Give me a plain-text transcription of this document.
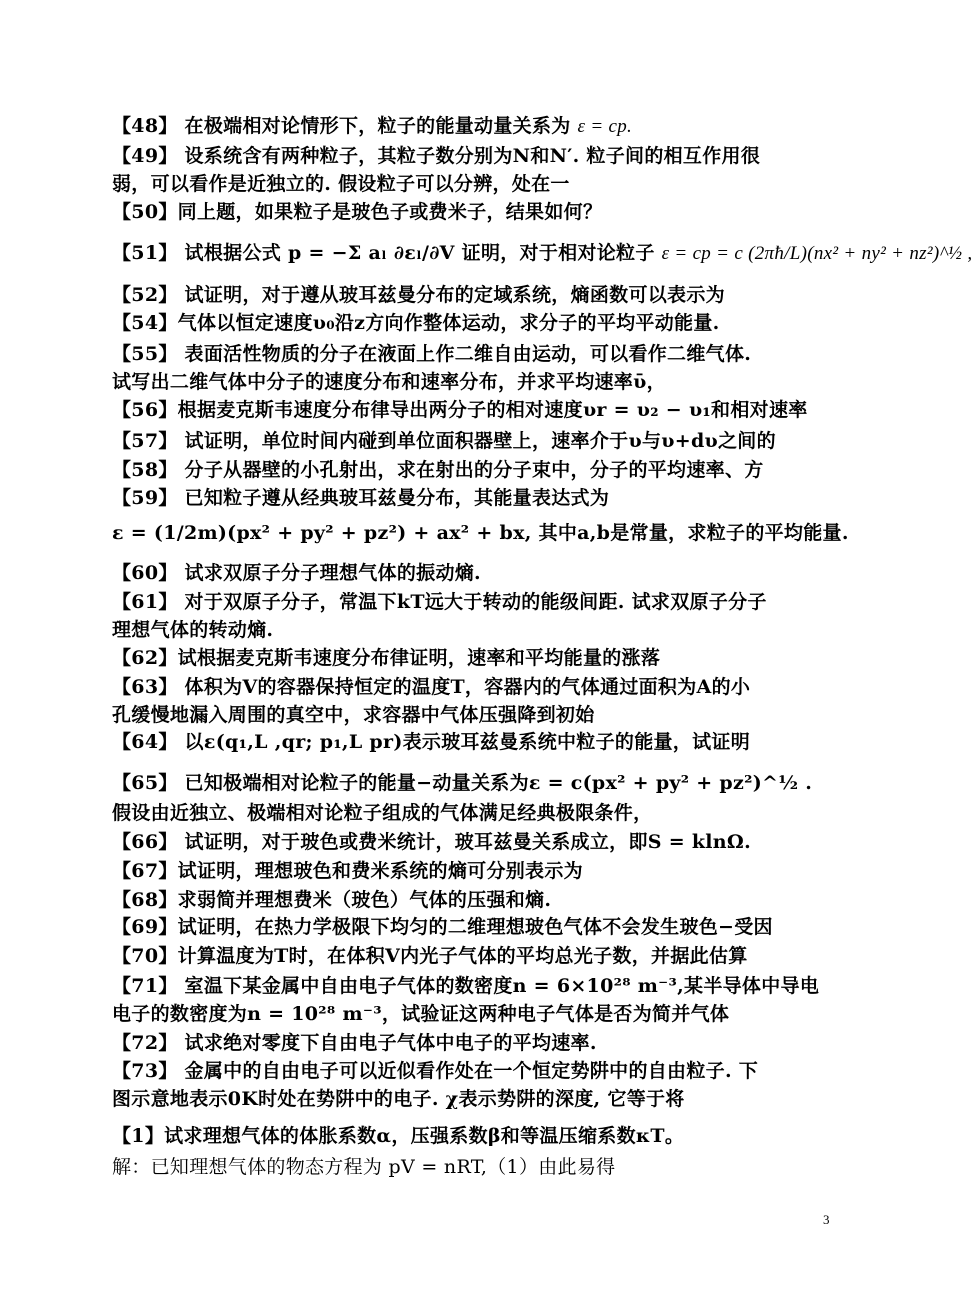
【48】 在极端相对论情形下，粒子的能量动量关系为 ε = cp.
【49】 设系统含有两种粒子，其粒子数分别为N和N′. 粒子间的相互作用很
弱，可以看作是近独立的. 假设粒子可以分辨，处在一
【50】同上题，如果粒子是玻色子或费米子，结果如何？
【51】 试根据公式 p = −Σ aₗ ∂εₗ/∂V 证明，对于相对论粒子 ε = cp = c (2πħ/L)(nx² + ny² + nz²)^½ ,
【52】 试证明，对于遵从玻耳兹曼分布的定域系统，熵函数可以表示为
【54】气体以恒定速度υ₀沿z方向作整体运动，求分子的平均平动能量.
【55】 表面活性物质的分子在液面上作二维自由运动，可以看作二维气体.
试写出二维气体中分子的速度分布和速率分布，并求平均速率ῡ，
【56】根据麦克斯韦速度分布律导出两分子的相对速度υr = υ₂ − υ₁和相对速率
【57】 试证明，单位时间内碰到单位面积器壁上，速率介于υ与υ+dυ之间的
【58】 分子从器壁的小孔射出，求在射出的分子束中，分子的平均速率、方
【59】 已知粒子遵从经典玻耳兹曼分布，其能量表达式为
ε = (1/2m)(px² + py² + pz²) + ax² + bx, 其中a,b是常量，求粒子的平均能量.
【60】 试求双原子分子理想气体的振动熵.
【61】 对于双原子分子，常温下kT远大于转动的能级间距. 试求双原子分子
理想气体的转动熵.
【62】试根据麦克斯韦速度分布律证明，速率和平均能量的涨落
【63】 体积为V的容器保持恒定的温度T，容器内的气体通过面积为A的小
孔缓慢地漏入周围的真空中，求容器中气体压强降到初始
【64】 以ε(q₁,L ,qr; p₁,L pr)表示玻耳兹曼系统中粒子的能量，试证明
【65】 已知极端相对论粒子的能量−动量关系为ε = c(px² + py² + pz²)^½ .
假设由近独立、极端相对论粒子组成的气体满足经典极限条件，
【66】 试证明，对于玻色或费米统计，玻耳兹曼关系成立，即S = klnΩ.
【67】试证明，理想玻色和费米系统的熵可分别表示为
【68】求弱简并理想费米（玻色）气体的压强和熵.
【69】试证明，在热力学极限下均匀的二维理想玻色气体不会发生玻色−受因
【70】计算温度为T时，在体积V内光子气体的平均总光子数，并据此估算
【71】 室温下某金属中自由电子气体的数密度n = 6×10²⁸ m⁻³,某半导体中导电
电子的数密度为n = 10²⁸ m⁻³，试验证这两种电子气体是否为简并气体
【72】 试求绝对零度下自由电子气体中电子的平均速率.
【73】 金属中的自由电子可以近似看作处在一个恒定势阱中的自由粒子. 下
图示意地表示0K时处在势阱中的电子. χ表示势阱的深度, 它等于将
【1】试求理想气体的体胀系数α，压强系数β和等温压缩系数κT。
解：已知理想气体的物态方程为 pV = nRT,（1）由此易得
3
